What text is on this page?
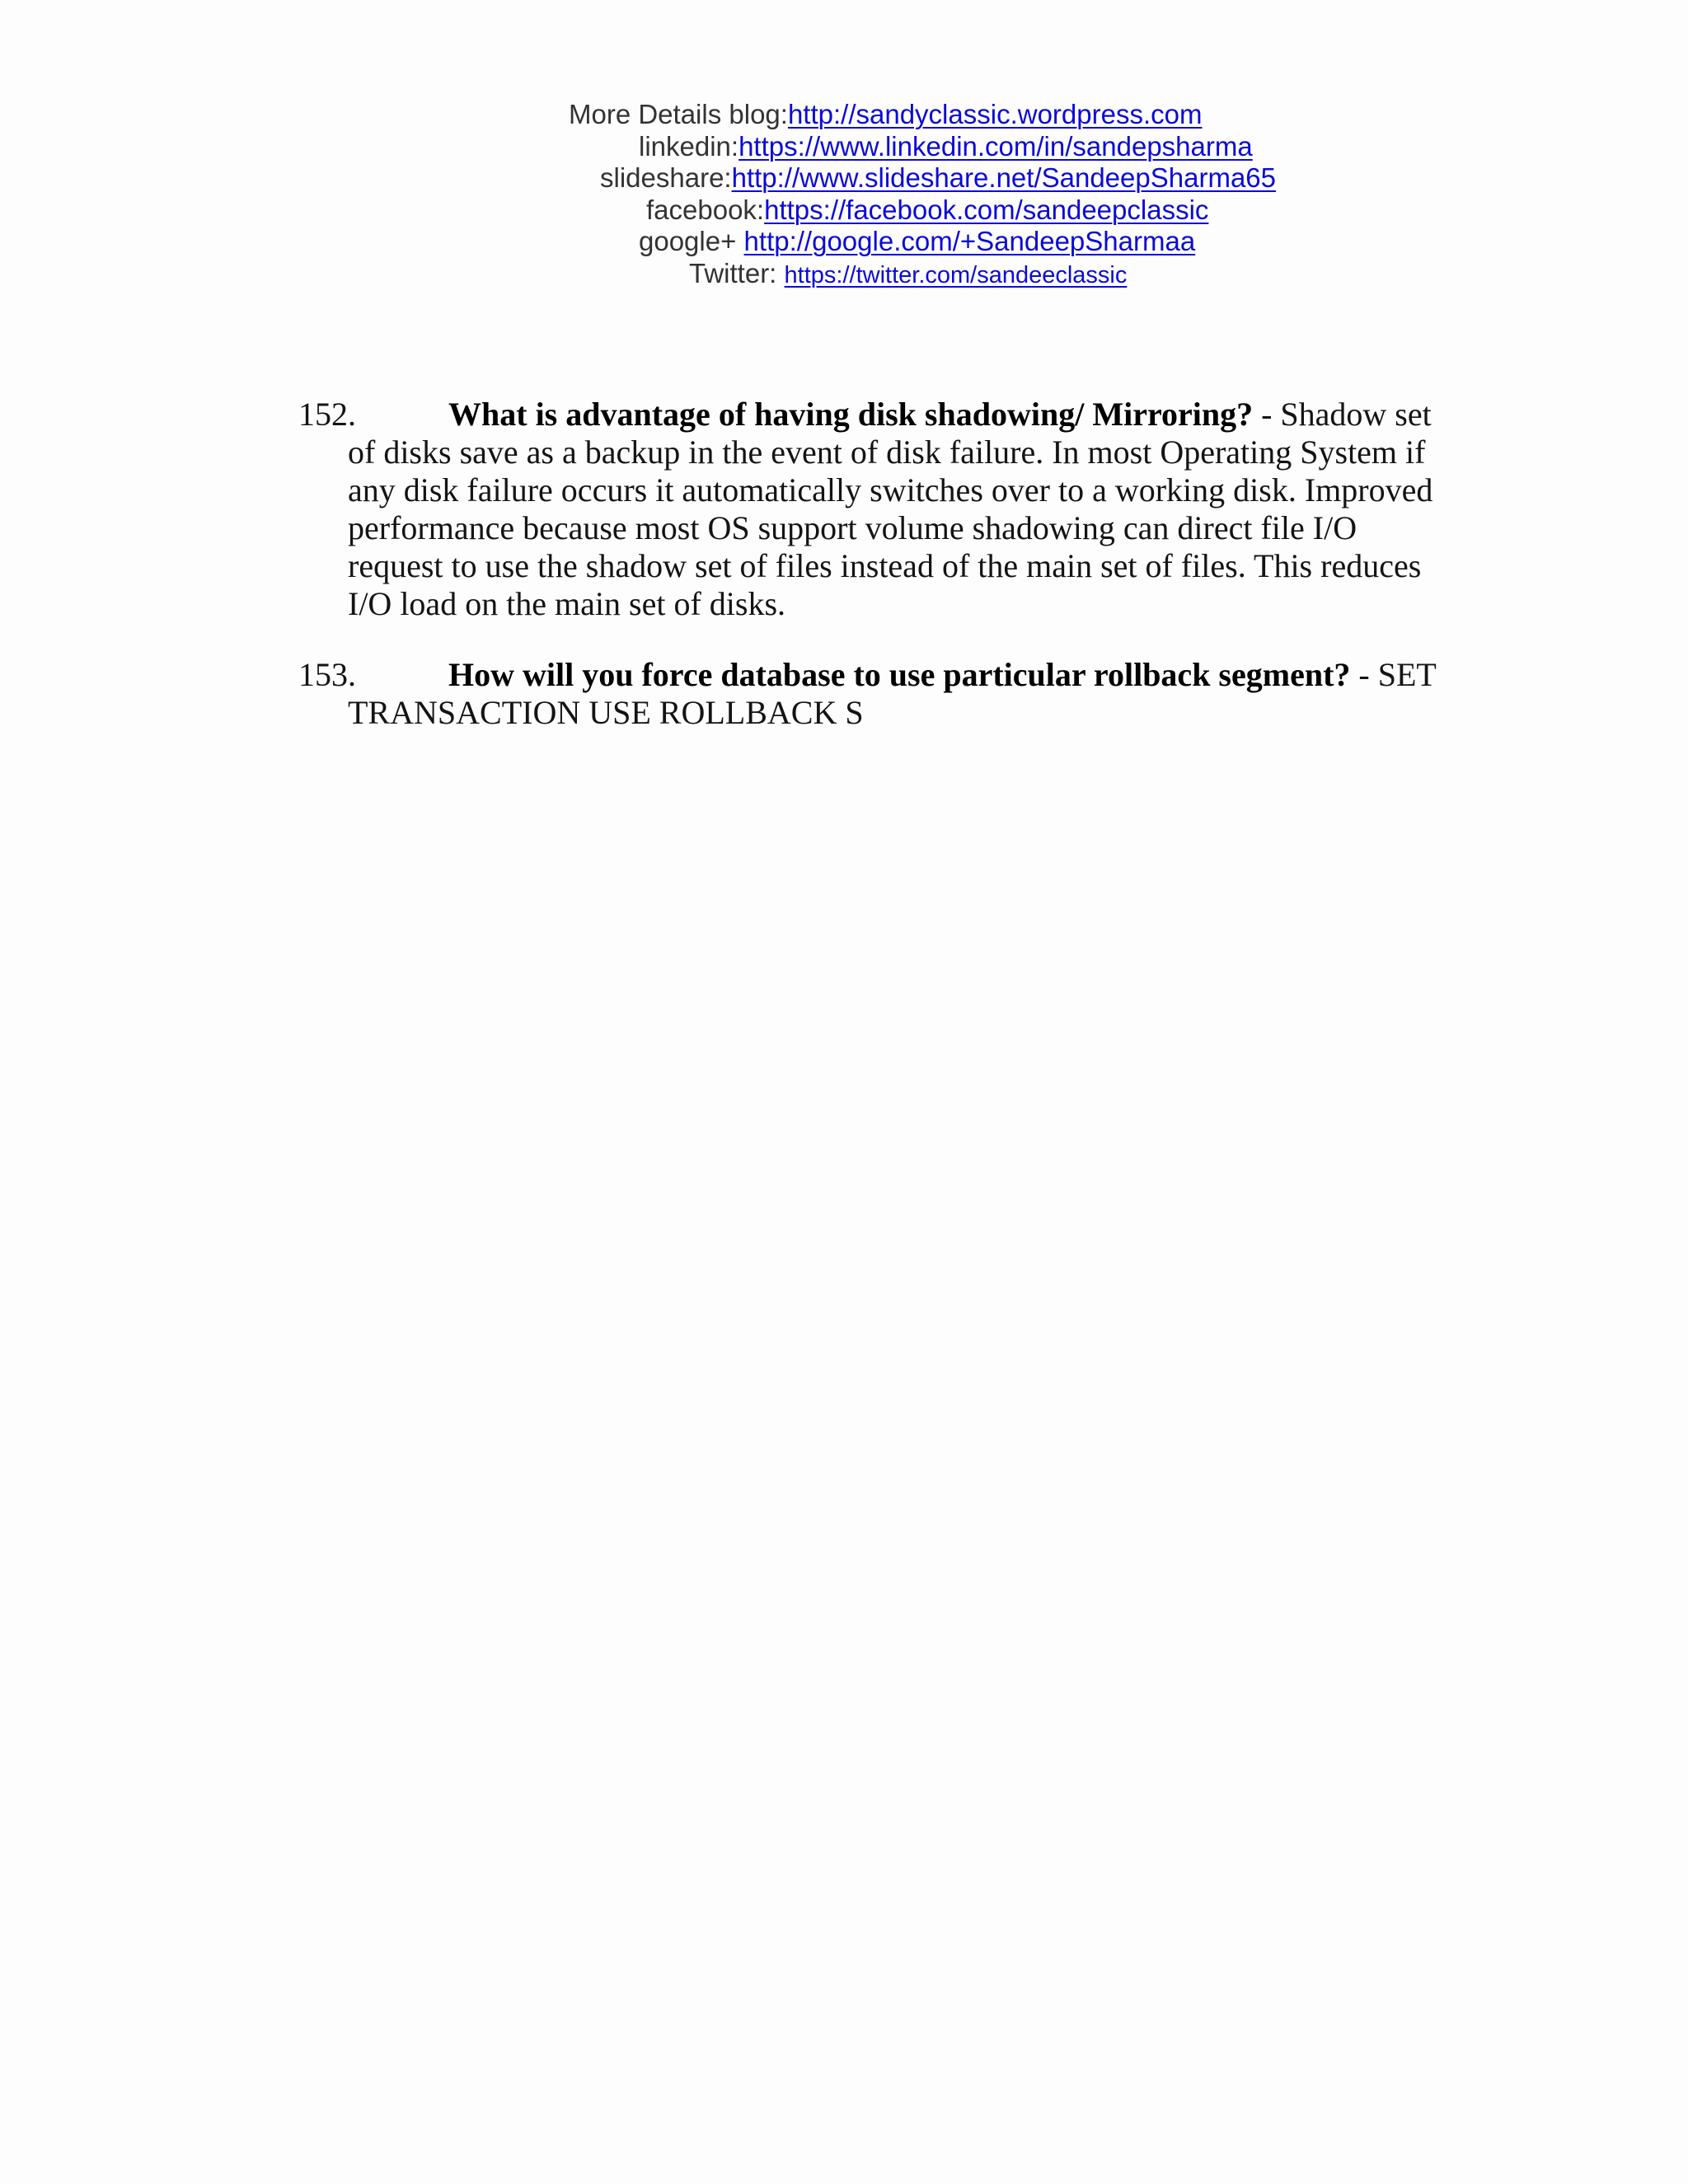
More Details blog:http://sandyclassic.wordpress.com
linkedin:https://www.linkedin.com/in/sandepsharma
slideshare:http://www.slideshare.net/SandeepSharma65
facebook:https://facebook.com/sandeepclassic
google+ http://google.com/+SandeepSharmaa
Twitter: https://twitter.com/sandeeclassic
152.	What is advantage of having disk shadowing/ Mirroring? - Shadow set of disks save as a backup in the event of disk failure. In most Operating System if any disk failure occurs it automatically switches over to a working disk. Improved performance because most OS support volume shadowing can direct file I/O request to use the shadow set of files instead of the main set of files. This reduces I/O load on the main set of disks.

153.	How will you force database to use particular rollback segment? - SET TRANSACTION USE ROLLBACK S
